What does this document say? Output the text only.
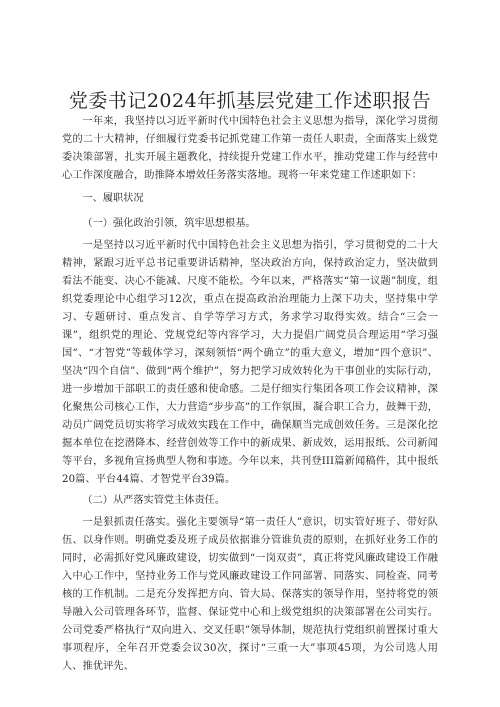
党委书记2024年抓基层党建工作述职报告

一年来，我坚持以习近平新时代中国特色社会主义思想为指导，深化学习贯彻党的二十大精神，仔细履行党委书记抓党建工作第一责任人职责，全面落实上级党委决策部署，扎实开展主题教化，持续提升党建工作水平，推动党建工作与经营中心工作深度融合，助推降本增效任务落实落地。现将一年来党建工作述职如下：

一、履职状况

（一）强化政治引领，筑牢思想根基。

一是坚持以习近平新时代中国特色社会主义思想为指引，学习贯彻党的二十大精神，紧跟习近平总书记重要讲话精神，坚决政治方向，保持政治定力，坚决做到看法不能变、决心不能减、尺度不能松。今年以来，严格落实“第一议题”制度，组织党委理论中心组学习12次，重点在提高政治治理能力上深下功夫，坚持集中学习、专题研讨、重点发言、自学等学习方式，务求学习取得实效。结合“三会一课”，组织党的理论、党规党纪等内容学习，大力提倡广阔党员合理运用“学习强国”、“才智党”等载体学习，深刻领悟“两个确立”的重大意义，增加“四个意识”、坚决“四个自信”、做到“两个维护”，努力把学习成效转化为干事创业的实际行动，进一步增加干部职工的责任感和使命感。二是仔细实行集团各项工作会议精神，深化聚焦公司核心工作，大力营造“步步高”的工作氛围，凝合职工合力，鼓舞干劲，动员广阔党员切实将学习成效实践在工作中，确保顺当完成创效任务。三是深化挖掘本单位在挖潜降本、经营创效等工作中的新成果、新成效，运用报纸、公司新闻等平台，多视角宣扬典型人物和事迹。今年以来，共刊登III篇新闻稿件，其中报纸20篇、平台44篇、才智党平台39篇。

（二）从严落实管党主体责任。

一是狠抓责任落实。强化主要领导“第一责任人”意识，切实管好班子、带好队伍、以身作则。明确党委及班子成员依据谁分管谁负责的原则，在抓好业务工作的同时，必需抓好党风廉政建设，切实做到“一岗双责”，真正将党风廉政建设工作融入中心工作中，坚持业务工作与党风廉政建设工作同部署、同落实、同检查、同考核的工作机制。二是充分发挥把方向、管大局、保落实的领导作用，坚持将党的领导融入公司管理各环节，监督、保证党中心和上级党组织的决策部署在公司实行。公司党委严格执行“双向进入、交叉任职”领导体制，规范执行党组织前置探讨重大事项程序，全年召开党委会议30次，探讨“三重一大”事项45项，为公司选人用人、推优评先、
